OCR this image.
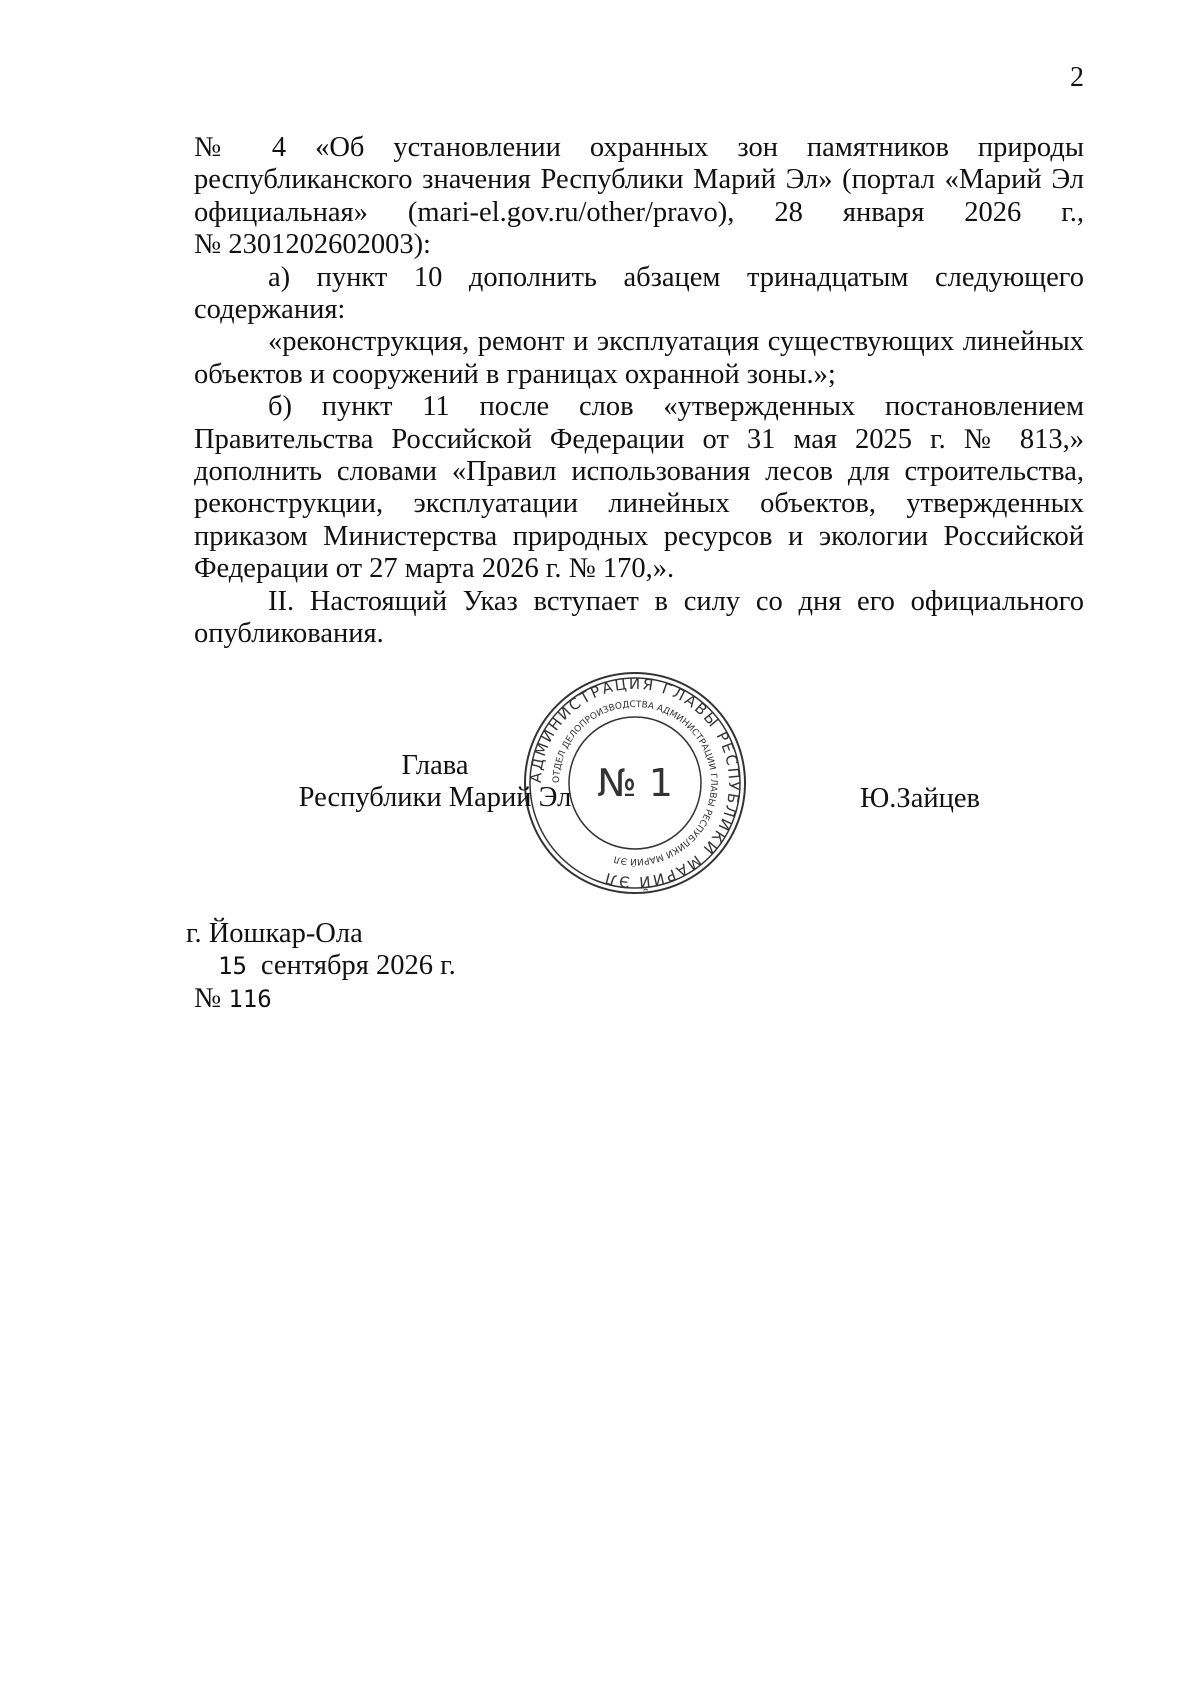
2
№ 4 «Об установлении охранных зон памятников природы
республиканского значения Республики Марий Эл» (портал «Марий Эл
официальная» (mari-el.gov.ru/other/pravo), 28 января 2026 г.,
№ 2301202602003):
а) пункт 10 дополнить абзацем тринадцатым следующего
содержания:
«реконструкция, ремонт и эксплуатация существующих линейных
объектов и сооружений в границах охранной зоны.»;
б) пункт 11 после слов «утвержденных постановлением
Правительства Российской Федерации от 31 мая 2025 г. № 813,»
дополнить словами «Правил использования лесов для строительства,
реконструкции, эксплуатации линейных объектов, утвержденных
приказом Министерства природных ресурсов и экологии Российской
Федерации от 27 марта 2026 г. № 170,».
II. Настоящий Указ вступает в силу со дня его официального
опубликования.
АДМИНИСТРАЦИЯ ГЛАВЫ РЕСПУБЛИКИ МАРИЙ ЭЛ
ОТДЕЛ ДЕЛОПРОИЗВОДСТВА АДМИНИСТРАЦИИ ГЛАВЫ РЕСПУБЛИКИ МАРИЙ ЭЛ
№ 1
Глава
Республики Марий Эл	Ю.Зайцев
г. Йошкар-Ола
15 сентября 2026 г.
№ 116
